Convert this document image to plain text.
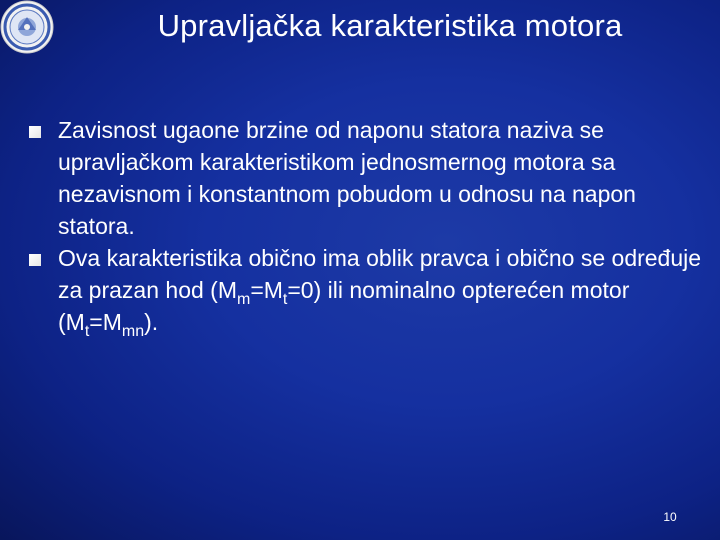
Upravljačka karakteristika motora
Zavisnost ugaone brzine od naponu statora naziva se upravljačkom karakteristikom jednosmernog motora sa nezavisnom i konstantnom pobudom u odnosu na napon statora.
Ova karakteristika obično ima oblik pravca i obično se određuje za prazan hod $(M_m=M_t=0)$ ili nominalno opterećen motor $(M_t=M_{mn})$.
10
